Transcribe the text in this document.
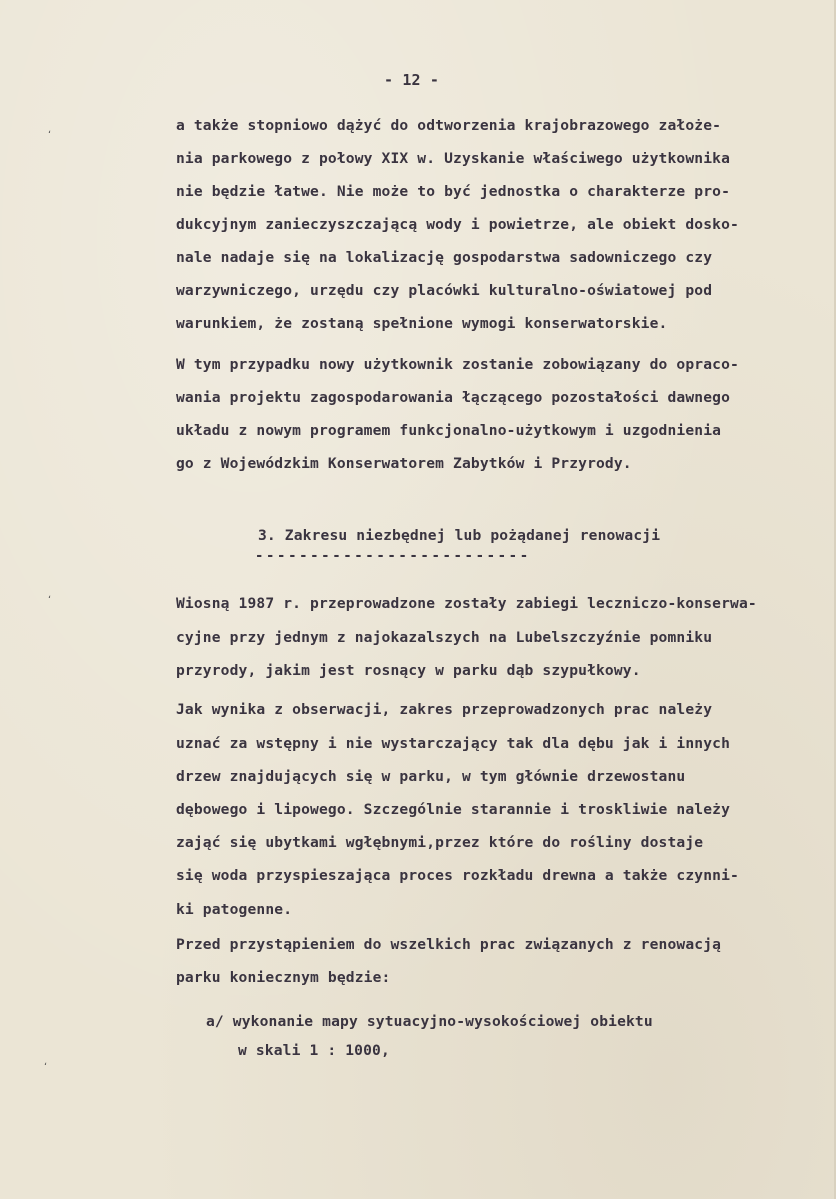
- 12 -
a także stopniowo dążyć do odtworzenia krajobrazowego założe-
nia parkowego z połowy XIX w. Uzyskanie właściwego użytkownika
nie będzie łatwe. Nie może to być jednostka o charakterze pro-
dukcyjnym zanieczyszczającą wody i powietrze, ale obiekt dosko-
nale nadaje się na lokalizację gospodarstwa sadowniczego czy
warzywniczego, urzędu czy placówki kulturalno-oświatowej pod
warunkiem, że zostaną spełnione wymogi konserwatorskie.
W tym przypadku nowy użytkownik zostanie zobowiązany do opraco-
wania projektu zagospodarowania łączącego pozostałości dawnego
układu z nowym programem funkcjonalno-użytkowym i uzgodnienia
go z Wojewódzkim Konserwatorem Zabytków i Przyrody.
3. Zakresu niezbędnej lub pożądanej renowacji
-------------------------
Wiosną 1987 r. przeprowadzone zostały zabiegi leczniczo-konserwa-
cyjne przy jednym z najokazalszych na Lubelszczyźnie pomniku
przyrody, jakim jest rosnący w parku dąb szypułkowy.
Jak wynika z obserwacji, zakres przeprowadzonych prac należy
uznać za wstępny i nie wystarczający tak dla dębu jak i innych
drzew znajdujących się w parku, w tym głównie drzewostanu
dębowego i lipowego. Szczególnie starannie i troskliwie należy
zająć się ubytkami wgłębnymi,przez które do rośliny dostaje
się woda przyspieszająca proces rozkładu drewna a także czynni-
ki patogenne.
Przed przystąpieniem do wszelkich prac związanych z renowacją
parku koniecznym będzie:
a/ wykonanie mapy sytuacyjno-wysokościowej obiektu
w skali 1 : 1000,
ʻ
ʻ
ʻ
